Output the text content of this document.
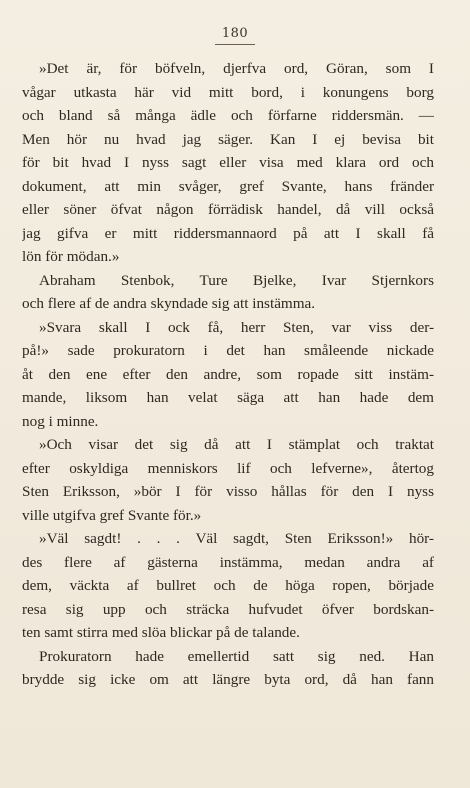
180
»Det är, för böfveln, djerfva ord, Göran, som I
vågar utkasta här vid mitt bord, i konungens borg
och bland så många ädle och förfarne riddersmän. —
Men hör nu hvad jag säger. Kan I ej bevisa bit
för bit hvad I nyss sagt eller visa med klara ord och
dokument, att min svåger, gref Svante, hans fränder
eller söner öfvat någon förrädisk handel, då vill också
jag gifva er mitt riddersmannaord på att I skall få
lön för mödan.»
Abraham Stenbok, Ture Bjelke, Ivar Stjernkors
och flere af de andra skyndade sig att instämma.
»Svara skall I ock få, herr Sten, var viss der-
på!» sade prokuratorn i det han småleende nickade
åt den ene efter den andre, som ropade sitt instäm-
mande, liksom han velat säga att han hade dem
nog i minne.
»Och visar det sig då att I stämplat och traktat
efter oskyldiga menniskors lif och lefverne», återtog
Sten Eriksson, »bör I för visso hållas för den I nyss
ville utgifva gref Svante för.»
»Väl sagdt! . . . Väl sagdt, Sten Eriksson!» hör-
des flere af gästerna instämma, medan andra af
dem, väckta af bullret och de höga ropen, började
resa sig upp och sträcka hufvudet öfver bordskan-
ten samt stirra med slöa blickar på de talande.
Prokuratorn hade emellertid satt sig ned. Han
brydde sig icke om att längre byta ord, då han fann
